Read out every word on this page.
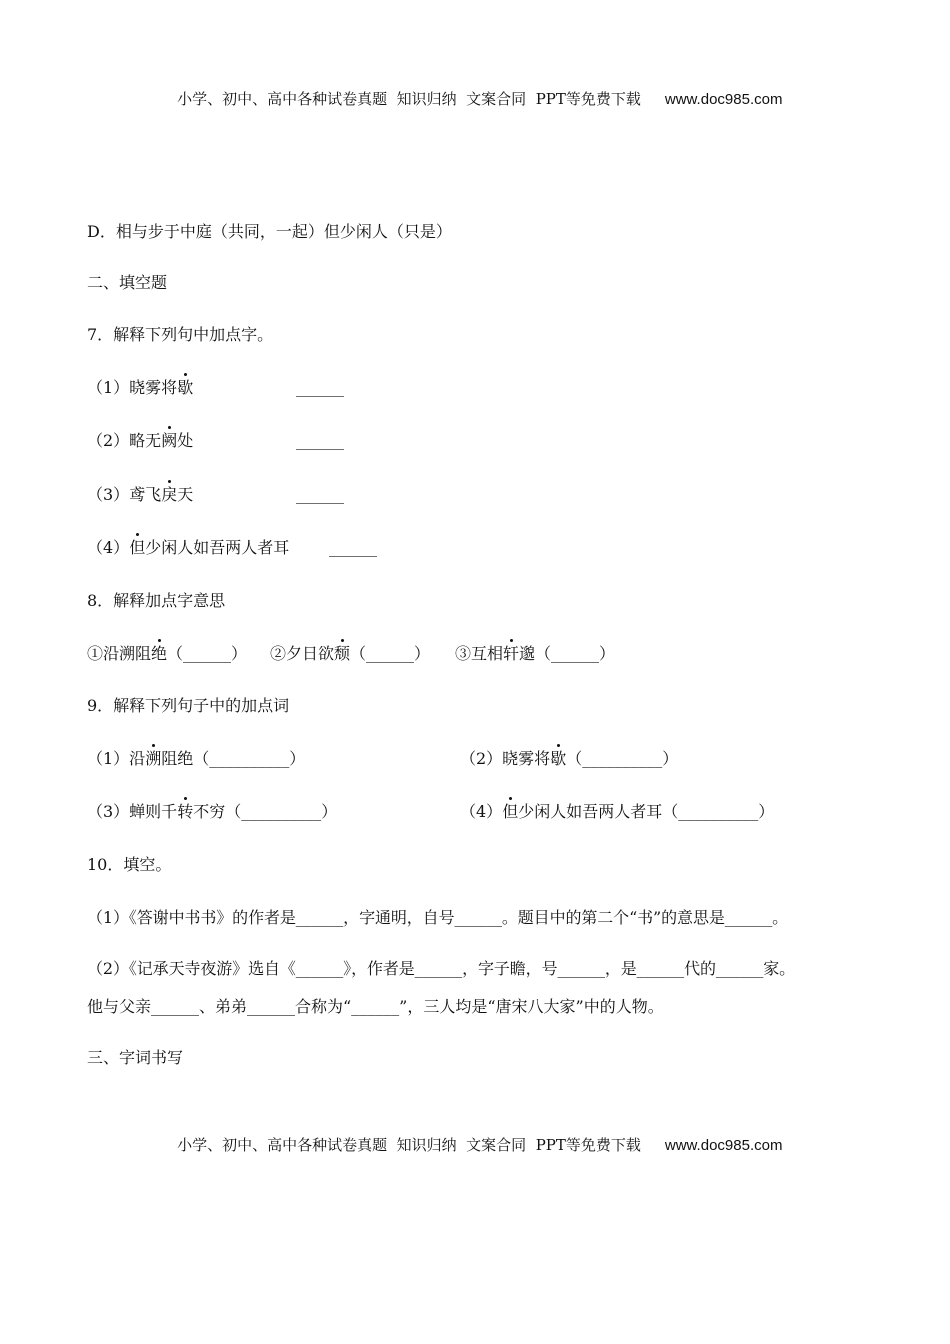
小学、初中、高中各种试卷真题  知识归纳  文案合同  PPT等免费下载 www.doc985.com

D．相与步于中庭（共同，一起）但少闲人（只是）
二、填空题
7．解释下列句中加点字。
（1）晓雾将歇	______
（2）略无阙处	______
（3）鸢飞戾天	______
（4）但少闲人如吾两人者耳 ______
8．解释加点字意思
①沿溯阻绝（______） ②夕日欲颓（______） ③互相轩邈（______）
9．解释下列句子中的加点词
（1）沿溯阻绝（__________）	（2）晓雾将歇（__________）
（3）蝉则千转不穷（__________）	（4）但少闲人如吾两人者耳（__________）
10．填空。
（1）《答谢中书书》的作者是______，字通明，自号______。题目中的第二个“书”的意思是______。
（2）《记承天寺夜游》选自《______》，作者是______，字子瞻，号______，是______代的______家。
他与父亲______、弟弟______合称为“______”，三人均是“唐宋八大家”中的人物。
三、字词书写

小学、初中、高中各种试卷真题  知识归纳  文案合同  PPT等免费下载 www.doc985.com
